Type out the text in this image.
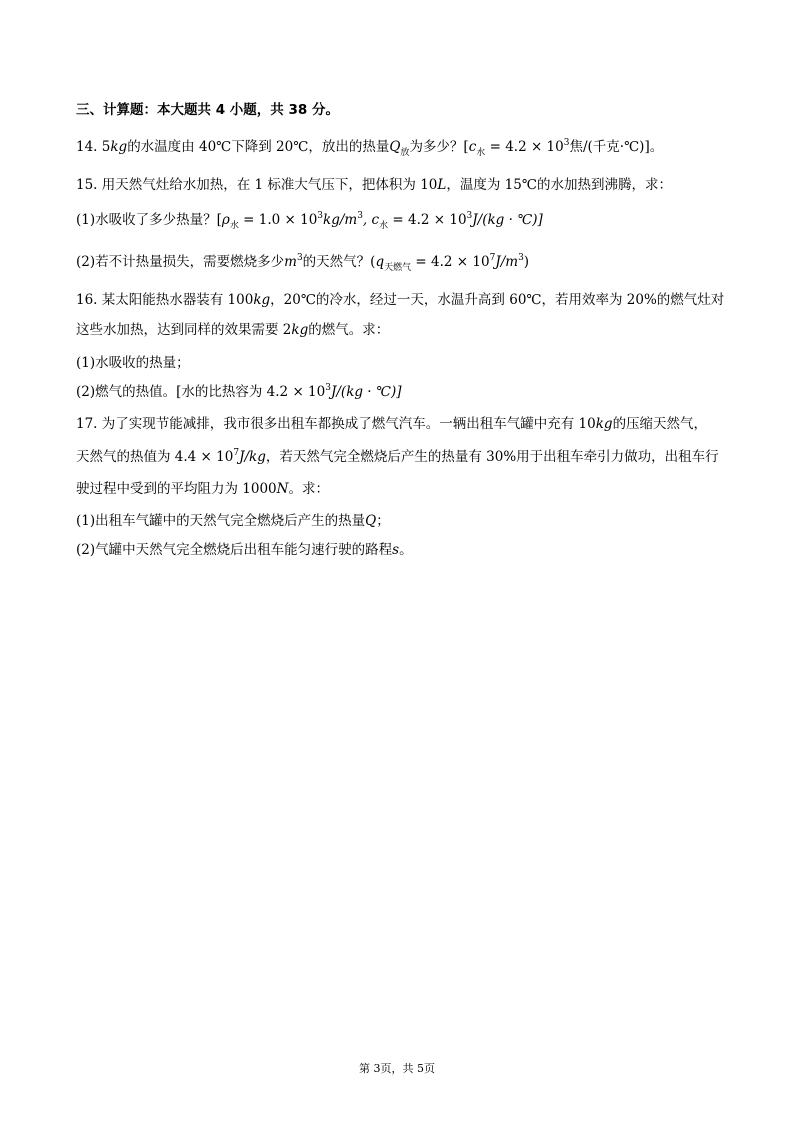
三、计算题：本大题共 4 小题，共 38 分。
14. 5kg的水温度由 40℃下降到 20℃，放出的热量$Q_放$为多少？[$c_水 = 4.2 \times 10^3$焦/(千克·℃)]。
15. 用天然气灶给水加热，在 1 标准大气压下，把体积为 10L，温度为 15℃的水加热到沸腾，求：
(1)水吸收了多少热量？[$\rho_水 = 1.0 \times 10^3kg/m^3$, $c_水 = 4.2 \times 10^3J/(kg$ · ℃)]
(2)若不计热量损失，需要燃烧多少$m^3$的天然气？$(q_{天燃气} = 4.2 \times 10^7J/m^3)$
16. 某太阳能热水器装有 100kg，20℃的冷水，经过一天，水温升高到 60℃，若用效率为 20%的燃气灶对
这些水加热，达到同样的效果需要 2kg的燃气。求：
(1)水吸收的热量；
(2)燃气的热值。[水的比热容为 $4.2 \times 10^3J/(kg$ · ℃)]
17. 为了实现节能减排，我市很多出租车都换成了燃气汽车。一辆出租车气罐中充有 10kg的压缩天然气，
天然气的热值为 $4.4 \times 10^7J/kg$，若天然气完全燃烧后产生的热量有 30%用于出租车牵引力做功，出租车行
驶过程中受到的平均阻力为 1000N。求：
(1)出租车气罐中的天然气完全燃烧后产生的热量Q；
(2)气罐中天然气完全燃烧后出租车能匀速行驶的路程s。
第 3页，共 5页
